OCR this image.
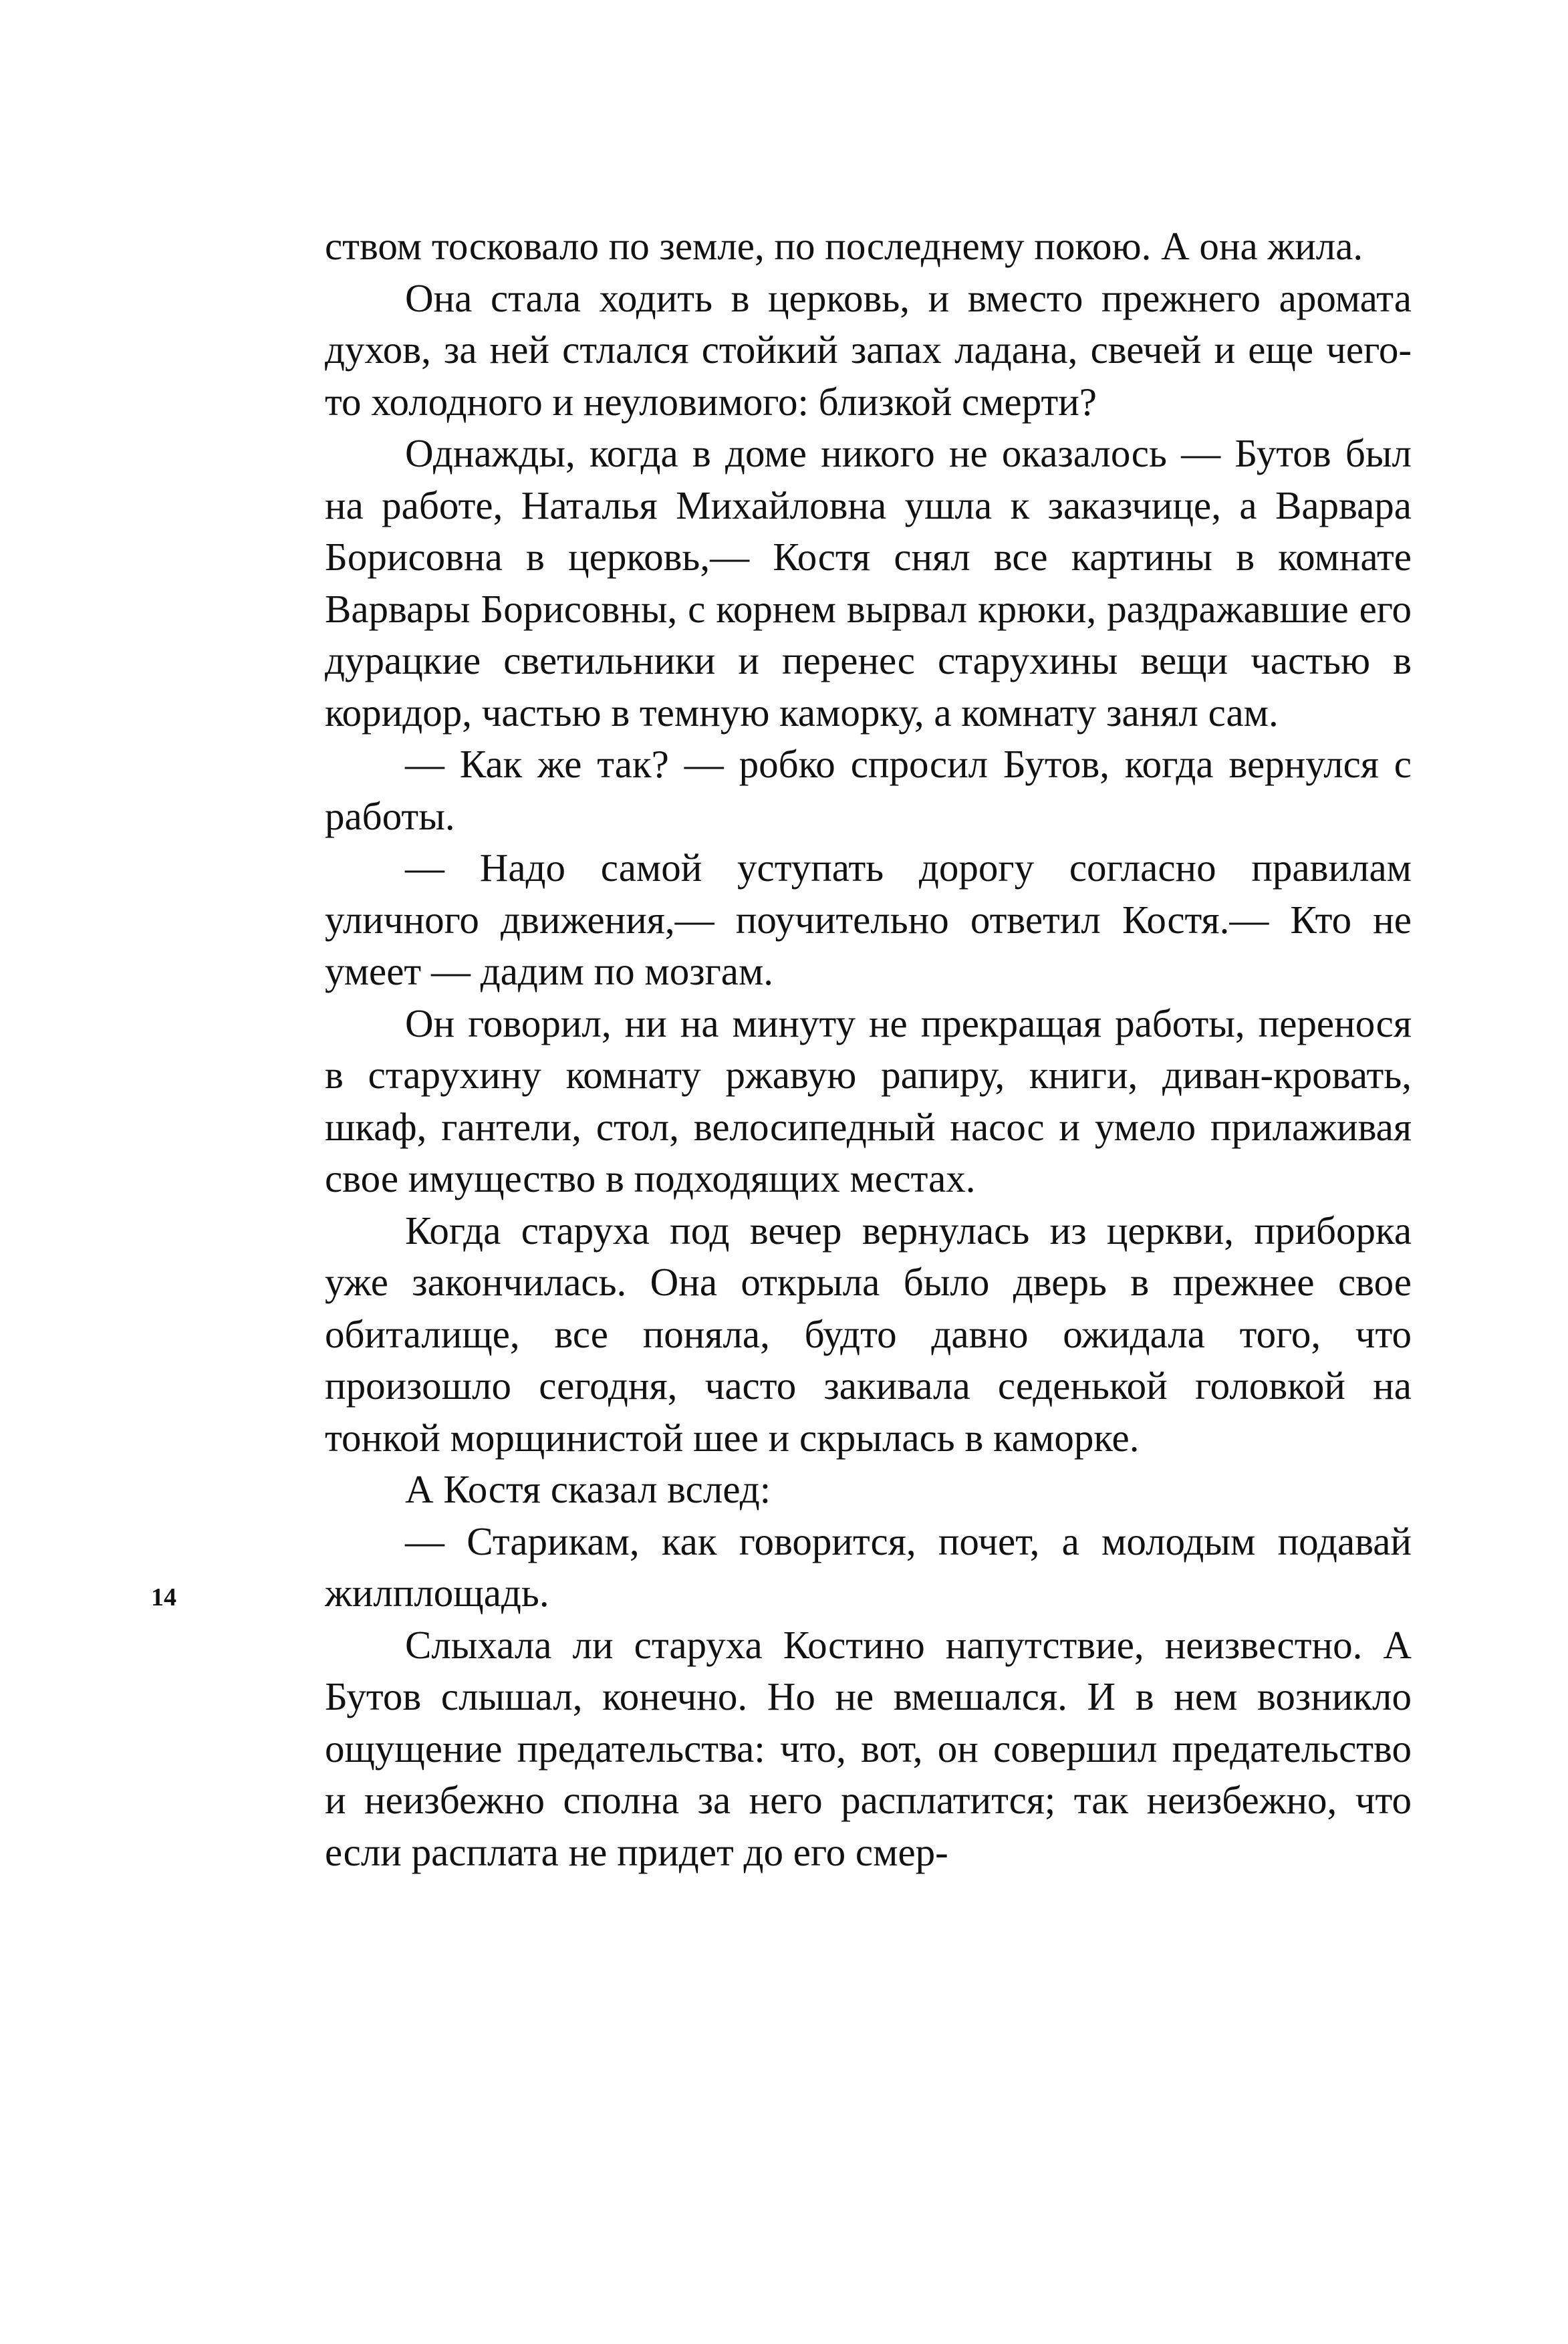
ством тосковало по земле, по последнему покою. А она жила.

Она стала ходить в церковь, и вместо прежнего аромата духов, за ней стлался стойкий запах ладана, свечей и еще чего-то холодного и неуловимого: близкой смерти?

Однажды, когда в доме никого не оказалось — Бутов был на работе, Наталья Михайловна ушла к заказчице, а Варвара Борисовна в церковь,— Костя снял все картины в комнате Варвары Борисовны, с корнем вырвал крюки, раздражавшие его дурацкие светильники и перенес старухины вещи частью в коридор, частью в темную каморку, а комнату занял сам.

— Как же так? — робко спросил Бутов, когда вернулся с работы.

— Надо самой уступать дорогу согласно правилам уличного движения,— поучительно ответил Костя.— Кто не умеет — дадим по мозгам.

Он говорил, ни на минуту не прекращая работы, перенося в старухину комнату ржавую рапиру, книги, диван-кровать, шкаф, гантели, стол, велосипедный насос и умело прилаживая свое имущество в подходящих местах.

Когда старуха под вечер вернулась из церкви, приборка уже закончилась. Она открыла было дверь в прежнее свое обиталище, все поняла, будто давно ожидала того, что произошло сегодня, часто закивала седенькой головкой на тонкой морщинистой шее и скрылась в каморке.

А Костя сказал вслед:

— Старикам, как говорится, почет, а молодым подавай жилплощадь.

Слыхала ли старуха Костино напутствие, неизвестно. А Бутов слышал, конечно. Но не вмешался. И в нем возникло ощущение предательства: что, вот, он совершил предательство и неизбежно сполна за него расплатится; так неизбежно, что если расплата не придет до его смер-

14
